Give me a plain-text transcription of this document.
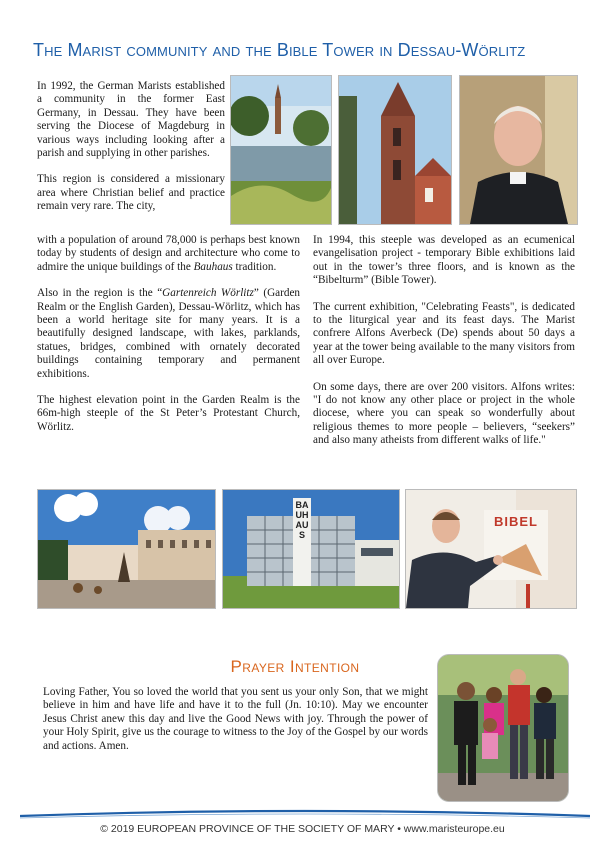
The Marist community and the Bible Tower in Dessau-Wörlitz

In 1992, the German Marists established a community in the former East Germany, in Dessau. They have been serving the Diocese of Magdeburg in various ways including looking after a parish and supplying in other parishes.

This region is considered a missionary area where Christian belief and practice remain very rare. The city,

with a population of around 78,000 is perhaps best known today by students of design and architecture who come to admire the unique buildings of the Bauhaus tradition.

Also in the region is the “Gartenreich Wörlitz” (Garden Realm or the English Garden), Dessau-Wörlitz, which has been a world heritage site for many years. It is a beautifully designed landscape, with lakes, parklands, statues, bridges, combined with ornately decorated buildings containing temporary and permanent exhibitions.

The highest elevation point in the Garden Realm is the 66m-high steeple of the St Peter’s Protestant Church, Wörlitz.

In 1994, this steeple was developed as an ecumenical evangelisation project - temporary Bible exhibitions laid out in the tower’s three floors, and is known as the “Bibelturm” (Bible Tower).

The current exhibition, "Celebrating Feasts", is dedicated to the liturgical year and its feast days. The Marist confrere Alfons Averbeck (De) spends about 50 days a year at the tower being available to the many visitors from all over Europe.

On some days, there are over 200 visitors. Alfons writes: "I do not know any other place or project in the whole diocese, where you can speak so wonderfully about religious themes to more people – believers, “seekers” and also many atheists from different walks of life."

BAUHAUS
BIBEL
Prayer Intention
Loving Father, You so loved the world that you sent us your only Son, that we might believe in him and have life and have it to the full (Jn. 10:10). May we encounter Jesus Christ anew this day and live the Good News with joy. Through the power of your Holy Spirit, give us the courage to witness to the Joy of the Gospel by our words and actions. Amen.
© 2019 EUROPEAN PROVINCE OF THE SOCIETY OF MARY • www.maristeurope.eu
